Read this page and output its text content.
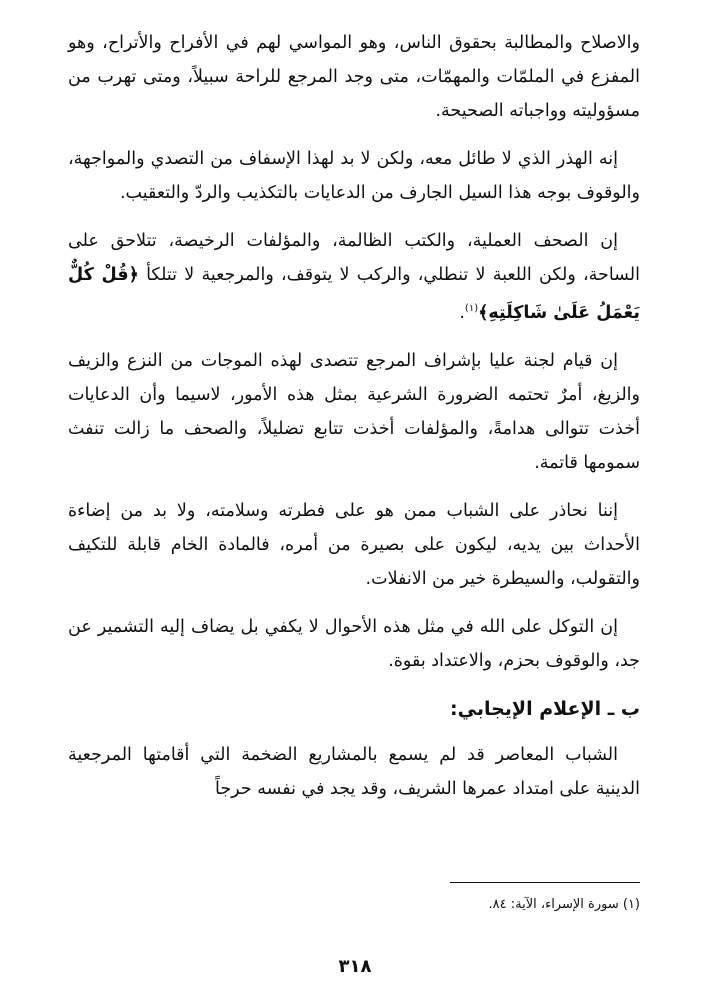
والاصلاح والمطالبة بحقوق الناس، وهو المواسي لهم في الأفراح والأتراح، وهو المفزع في الملمّات والمهمّات، متى وجد المرجع للراحة سبيلاً، ومتى تهرب من مسؤوليته وواجباته الصحيحة.

إنه الهذر الذي لا طائل معه، ولكن لا بد لهذا الإسفاف من التصدي والمواجهة، والوقوف بوجه هذا السيل الجارف من الدعايات بالتكذيب والردّ والتعقيب.

إن الصحف العملية، والكتب الظالمة، والمؤلفات الرخيصة، تتلاحق على الساحة، ولكن اللعبة لا تنطلي، والركب لا يتوقف، والمرجعية لا تتلكأ ﴿قُلْ كُلٌّ يَعْمَلُ عَلَىٰ شَاكِلَتِهِ﴾$^{(١)}$.

إن قيام لجنة عليا بإشراف المرجع تتصدى لهذه الموجات من النزع والزيف والزيغ، أمرٌ تحتمه الضرورة الشرعية بمثل هذه الأمور، لاسيما وأن الدعايات أخذت تتوالى هدامةً، والمؤلفات أخذت تتابع تضليلاً، والصحف ما زالت تنفث سمومها قاتمة.

إننا نحاذر على الشباب ممن هو على فطرته وسلامته، ولا بد من إضاءة الأحداث بين يديه، ليكون على بصيرة من أمره، فالمادة الخام قابلة للتكيف والتقولب، والسيطرة خير من الانفلات.

إن التوكل على الله في مثل هذه الأحوال لا يكفي بل يضاف إليه التشمير عن جد، والوقوف بحزم، والاعتداد بقوة.

ب ـ الإعلام الإيجابي:

الشباب المعاصر قد لم يسمع بالمشاريع الضخمة التي أقامتها المرجعية الدينية على امتداد عمرها الشريف، وقد يجد في نفسه حرجاً

(١) سورة الإسراء، الآية: ٨٤.
٣١٨
